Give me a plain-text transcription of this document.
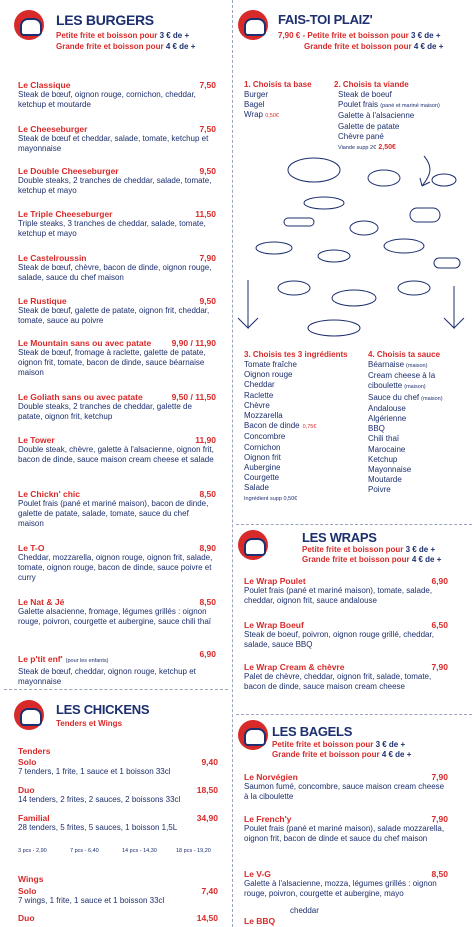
LES BURGERS
Petite frite et boisson pour 3 € de +
Grande frite et boisson pour 4 € de +
Le Classique	7,50
Steak de bœuf, oignon rouge, cornichon, cheddar, ketchup et moutarde
Le Cheeseburger	7,50
Steak de bœuf et cheddar, salade, tomate, ketchup et mayonnaise
Le Double Cheeseburger	9,50
Double steaks, 2 tranches de cheddar, salade, tomate, ketchup et mayo
Le Triple Cheeseburger	11,50
Triple steaks, 3 tranches de cheddar, salade, tomate, ketchup et mayo
Le Castelroussin	7,90
Steak de bœuf, chèvre, bacon de dinde, oignon rouge, salade, sauce du chef maison
Le Rustique	9,50
Steak de bœuf, galette de patate, oignon frit, cheddar, tomate, sauce au poivre
Le Mountain sans ou avec patate	9,90 / 11,90
Steak de bœuf, fromage à raclette, galette de patate, oignon frit, tomate, bacon de dinde, sauce béarnaise maison
Le Goliath sans ou avec patate	9,50 / 11,50
Double steaks, 2 tranches de cheddar, galette de patate, oignon frit, ketchup
Le Tower	11,90
Double steak, chèvre, galette à l'alsacienne, oignon frit, bacon de dinde, sauce maison cream cheese et salade
Le Chickn' chic	8,50
Poulet frais (pané et mariné maison), bacon de dinde, galette de patate, salade, tomate, sauce du chef maison
Le T-O	8,90
Cheddar, mozzarella, oignon rouge, oignon frit, salade, tomate, oignon rouge, bacon de dinde, sauce poivre et curry
Le Nat & Jé	8,50
Galette alsacienne, fromage, légumes grillés : oignon rouge, poivron, courgette et aubergine, sauce chili thaï
Le p'tit enf' (pour les enfants)
6,90
Steak de bœuf, cheddar, oignon rouge, ketchup et mayonnaise
LES CHICKENS
Tenders et Wings
Tenders
Solo	9,40
7 tenders, 1 frite, 1 sauce et 1 boisson 33cl
Duo	18,50
14 tenders, 2 frites, 2 sauces, 2 boissons 33cl
Familial	34,90
28 tenders, 5 frites, 5 sauces, 1 boisson 1,5L
3 pcs - 2,90	7 pcs - 6,40	14 pcs - 14,30	18 pcs - 19,20
Wings
Solo	7,40
7 wings, 1 frite, 1 sauce et 1 boisson 33cl
Duo	14,50
FAIS-TOI PLAIZ'
7,90 € - Petite frite et boisson pour 3 € de +
Grande frite et boisson pour 4 € de +
1. Choisis ta base
Burger
Bagel
Wrap 0,50€
2. Choisis ta viande
Steak de boeuf
Poulet frais (pané et mariné maison)
Galette à l'alsacienne
Galette de patate
Chèvre pané
Viande supp 2€ 2,50€
3. Choisis tes 3 ingrédients
Tomate fraîche
Oignon rouge
Cheddar
Raclette
Chèvre
Mozzarella
Bacon de dinde 0,75€
Concombre
Cornichon
Oignon frit
Aubergine
Courgette
Salade
Ingrédient supp 0,50€
4. Choisis ta sauce
Béarnaise (maison)
Cream cheese à la ciboulette (maison)
Sauce du chef (maison)
Andalouse
Algérienne
BBQ
Chili thaï
Marocaine
Ketchup
Mayonnaise
Moutarde
Poivre
LES WRAPS
Petite frite et boisson pour 3 € de +
Grande frite et boisson pour 4 € de +
Le Wrap Poulet	6,90
Poulet frais (pané et mariné maison), tomate, salade, cheddar, oignon frit, sauce andalouse
Le Wrap Boeuf	6,50
Steak de boeuf, poivron, oignon rouge grillé, cheddar, salade, sauce BBQ
Le Wrap Cream & chèvre	7,90
Palet de chèvre, cheddar, oignon frit, salade, tomate, bacon de dinde, sauce maison cream cheese
LES BAGELS
Petite frite et boisson pour 3 € de +
Grande frite et boisson pour 4 € de +
Le Norvégien	7,90
Saumon fumé, concombre, sauce maison cream cheese à la ciboulette
Le French'y	7,90
Poulet frais (pané et mariné maison), salade mozzarella, oignon frit, bacon de dinde et sauce du chef maison
Le V-G	8,50
Galette à l'alsacienne, mozza, légumes grillés : oignon rouge, poivron, courgette et aubergine, mayo
Le BBQ
cheddar
